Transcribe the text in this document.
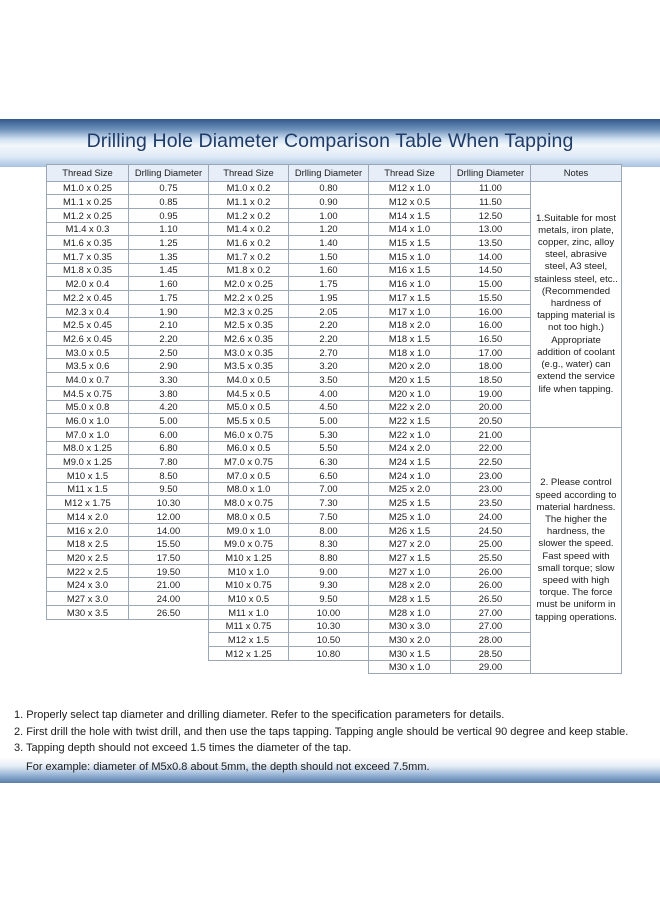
Drilling Hole Diameter Comparison Table When Tapping
Thread Size	Drlling Diameter	Thread Size	Drlling Diameter	Thread Size	Drlling Diameter	Notes
M1.0 x 0.25	0.75	M1.0 x 0.2	0.80	M12 x 1.0	11.00	1.Suitable for most metals, iron plate, copper, zinc, alloy steel, abrasive steel, A3 steel, stainless steel, etc..(Recommended hardness of tapping material is not too high.) Appropriate addition of coolant (e.g., water) can extend the service life when tapping.
M1.1 x 0.25	0.85	M1.1 x 0.2	0.90	M12 x 0.5	11.50	
M1.2 x 0.25	0.95	M1.2 x 0.2	1.00	M14 x 1.5	12.50	
M1.4 x 0.3	1.10	M1.4 x 0.2	1.20	M14 x 1.0	13.00	
M1.6 x 0.35	1.25	M1.6 x 0.2	1.40	M15 x 1.5	13.50	
M1.7 x 0.35	1.35	M1.7 x 0.2	1.50	M15 x 1.0	14.00	
M1.8 x 0.35	1.45	M1.8 x 0.2	1.60	M16 x 1.5	14.50	
M2.0 x 0.4	1.60	M2.0 x 0.25	1.75	M16 x 1.0	15.00	
M2.2 x 0.45	1.75	M2.2 x 0.25	1.95	M17 x 1.5	15.50	
M2.3 x 0.4	1.90	M2.3 x 0.25	2.05	M17 x 1.0	16.00	
M2.5 x 0.45	2.10	M2.5 x 0.35	2.20	M18 x 2.0	16.00	
M2.6 x 0.45	2.20	M2.6 x 0.35	2.20	M18 x 1.5	16.50	
M3.0 x 0.5	2.50	M3.0 x 0.35	2.70	M18 x 1.0	17.00	
M3.5 x 0.6	2.90	M3.5 x 0.35	3.20	M20 x 2.0	18.00	
M4.0 x 0.7	3.30	M4.0 x 0.5	3.50	M20 x 1.5	18.50	
M4.5 x 0.75	3.80	M4.5 x 0.5	4.00	M20 x 1.0	19.00	
M5.0 x 0.8	4.20	M5.0 x 0.5	4.50	M22 x 2.0	20.00	
M6.0 x 1.0	5.00	M5.5 x 0.5	5.00	M22 x 1.5	20.50	
M7.0 x 1.0	6.00	M6.0 x 0.75	5.30	M22 x 1.0	21.00	2. Please control speed according to material hardness. The higher the hardness, the slower the speed. Fast speed with small torque; slow speed with high torque. The force must be uniform in tapping operations.
M8.0 x 1.25	6.80	M6.0 x 0.5	5.50	M24 x 2.0	22.00	
M9.0 x 1.25	7.80	M7.0 x 0.75	6.30	M24 x 1.5	22.50	
M10 x 1.5	8.50	M7.0 x 0.5	6.50	M24 x 1.0	23.00	
M11 x 1.5	9.50	M8.0 x 1.0	7.00	M25 x 2.0	23.00	
M12 x 1.75	10.30	M8.0 x 0.75	7.30	M25 x 1.5	23.50	
M14 x 2.0	12.00	M8.0 x 0.5	7.50	M25 x 1.0	24.00	
M16 x 2.0	14.00	M9.0 x 1.0	8.00	M26 x 1.5	24.50	
M18 x 2.5	15.50	M9.0 x 0.75	8.30	M27 x 2.0	25.00	
M20 x 2.5	17.50	M10 x 1.25	8.80	M27 x 1.5	25.50	
M22 x 2.5	19.50	M10 x 1.0	9.00	M27 x 1.0	26.00	
M24 x 3.0	21.00	M10 x 0.75	9.30	M28 x 2.0	26.00	
M27 x 3.0	24.00	M10 x 0.5	9.50	M28 x 1.5	26.50	
M30 x 3.5	26.50	M11 x 1.0	10.00	M28 x 1.0	27.00	
		M11 x 0.75	10.30	M30 x 3.0	27.00	
		M12 x 1.5	10.50	M30 x 2.0	28.00	
		M12 x 1.25	10.80	M30 x 1.5	28.50	
				M30 x 1.0	29.00	
1. Properly select tap diameter and drilling diameter. Refer to the specification parameters for details.
2. First drill the hole with twist drill, and then use the taps tapping. Tapping angle should be vertical 90 degree and keep stable.
3. Tapping depth should not exceed 1.5 times the diameter of the tap.
For example: diameter of M5x0.8 about 5mm, the depth should not exceed 7.5mm.
